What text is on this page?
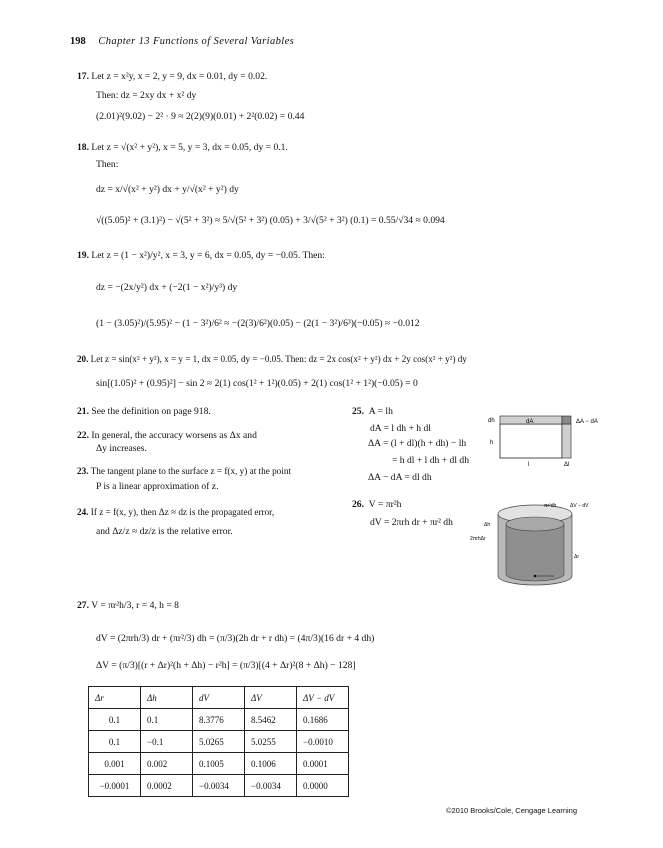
198 Chapter 13 Functions of Several Variables
17. Let z = x²y, x = 2, y = 9, dx = 0.01, dy = 0.02.
Then: dz = 2xy dx + x² dy
(2.01)²(9.02) − 2² · 9 ≈ 2(2)(9)(0.01) + 2²(0.02) = 0.44
18. Let z = √(x² + y²), x = 5, y = 3, dx = 0.05, dy = 0.1.
Then:
dz = x/√(x² + y²) dx + y/√(x² + y²) dy
√((5.05)² + (3.1)²) − √(5² + 3²) ≈ 5/√(5² + 3²) (0.05) + 3/√(5² + 3²) (0.1) = 0.55/√34 ≈ 0.094
19. Let z = (1 − x²)/y², x = 3, y = 6, dx = 0.05, dy = −0.05. Then:
dz = −(2x/y²) dx + (−2(1 − x²)/y³) dy
(1 − (3.05)²)/(5.95)² − (1 − 3²)/6² ≈ −(2(3)/6²)(0.05) − (2(1 − 3²)/6³)(−0.05) ≈ −0.012
20. Let z = sin(x² + y²), x = y = 1, dx = 0.05, dy = −0.05. Then: dz = 2x cos(x² + y²) dx + 2y cos(x² + y²) dy
sin[(1.05)² + (0.95)²] − sin 2 ≈ 2(1) cos(1² + 1²)(0.05) + 2(1) cos(1² + 1²)(−0.05) = 0
21. See the definition on page 918.
22. In general, the accuracy worsens as Δx and
Δy increases.
23. The tangent plane to the surface z = f(x, y) at the point
P is a linear approximation of z.
24. If z = f(x, y), then Δz ≈ dz is the propagated error,
and Δz/z ≈ dz/z is the relative error.
25. A = lh
dA = l dh + h dl
ΔA = (l + dl)(h + dh) − lh
= h dl + l dh + dl dh
ΔA − dA = dl dh
dA	ΔA − dA
dh
h
l	Δl
26. V = πr²h
dV = 2πrh dr + πr² dh
πr²dh	ΔV − dV
Δh
2πrhΔr
Δr
27. V = πr²h/3, r = 4, h = 8
dV = (2πrh/3) dr + (πr²/3) dh = (π/3)(2h dr + r dh) = (4π/3)(16 dr + 4 dh)
ΔV = (π/3)[(r + Δr)²(h + Δh) − r²h] = (π/3)[(4 + Δr)²(8 + Δh) − 128]
Δr	Δh	dV	ΔV	ΔV − dV
0.1	0.1	8.3776	8.5462	0.1686
0.1	−0.1	5.0265	5.0255	−0.0010
0.001	0.002	0.1005	0.1006	0.0001
−0.0001	0.0002	−0.0034	−0.0034	0.0000
©2010 Brooks/Cole, Cengage Learning
